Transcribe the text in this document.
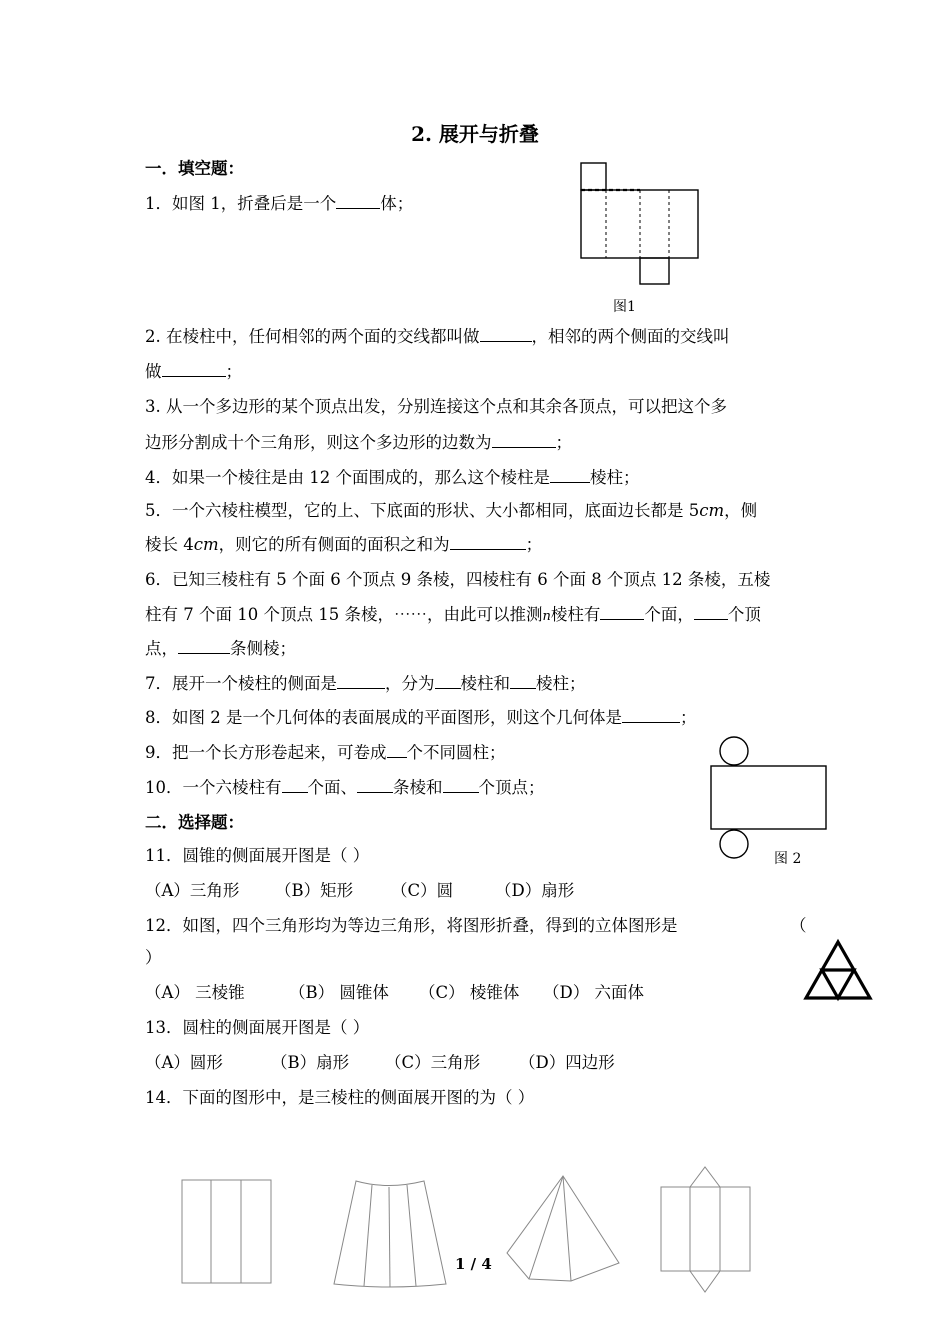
2. 展开与折叠
一．填空题：
1．如图 1，折叠后是一个	体；
图1
2. 在棱柱中，任何相邻的两个面的交线都叫做	，相邻的两个侧面的交线叫
做	；
3. 从一个多边形的某个顶点出发，分别连接这个点和其余各顶点，可以把这个多
边形分割成十个三角形，则这个多边形的边数为	；
4．如果一个棱往是由 12 个面围成的，那么这个棱柱是 棱柱；
5．一个六棱柱模型，它的上、下底面的形状、大小都相同，底面边长都是 5cm，侧
棱长 4cm，则它的所有侧面的面积之和为	；
6．已知三棱柱有 5 个面 6 个顶点 9 条棱，四棱柱有 6 个面 8 个顶点 12 条棱，五棱
柱有 7 个面 10 个顶点 15 条棱，⋯⋯，由此可以推测n棱柱有	个面， 个顶
点，	条侧棱；
7．展开一个棱柱的侧面是	，分为 棱柱和 棱柱；
8．如图 2 是一个几何体的表面展成的平面图形，则这个几何体是	；
9．把一个长方形卷起来，可卷成 个不同圆柱；
10．一个六棱柱有 个面、 条棱和 个顶点；
图 2
二．选择题：
11．圆锥的侧面展开图是（ ）
（A）三角形 （B）矩形 （C）圆	（D）扇形
12．如图，四个三角形均为等边三角形，将图形折叠，得到的立体图形是	（
）
（A） 三棱锥	（B） 圆锥体 （C） 棱锥体 （D） 六面体
13．圆柱的侧面展开图是（ ）
（A）圆形	（B）扇形 （C）三角形 （D）四边形
14．下面的图形中，是三棱柱的侧面展开图的为（ ）
1 / 4
